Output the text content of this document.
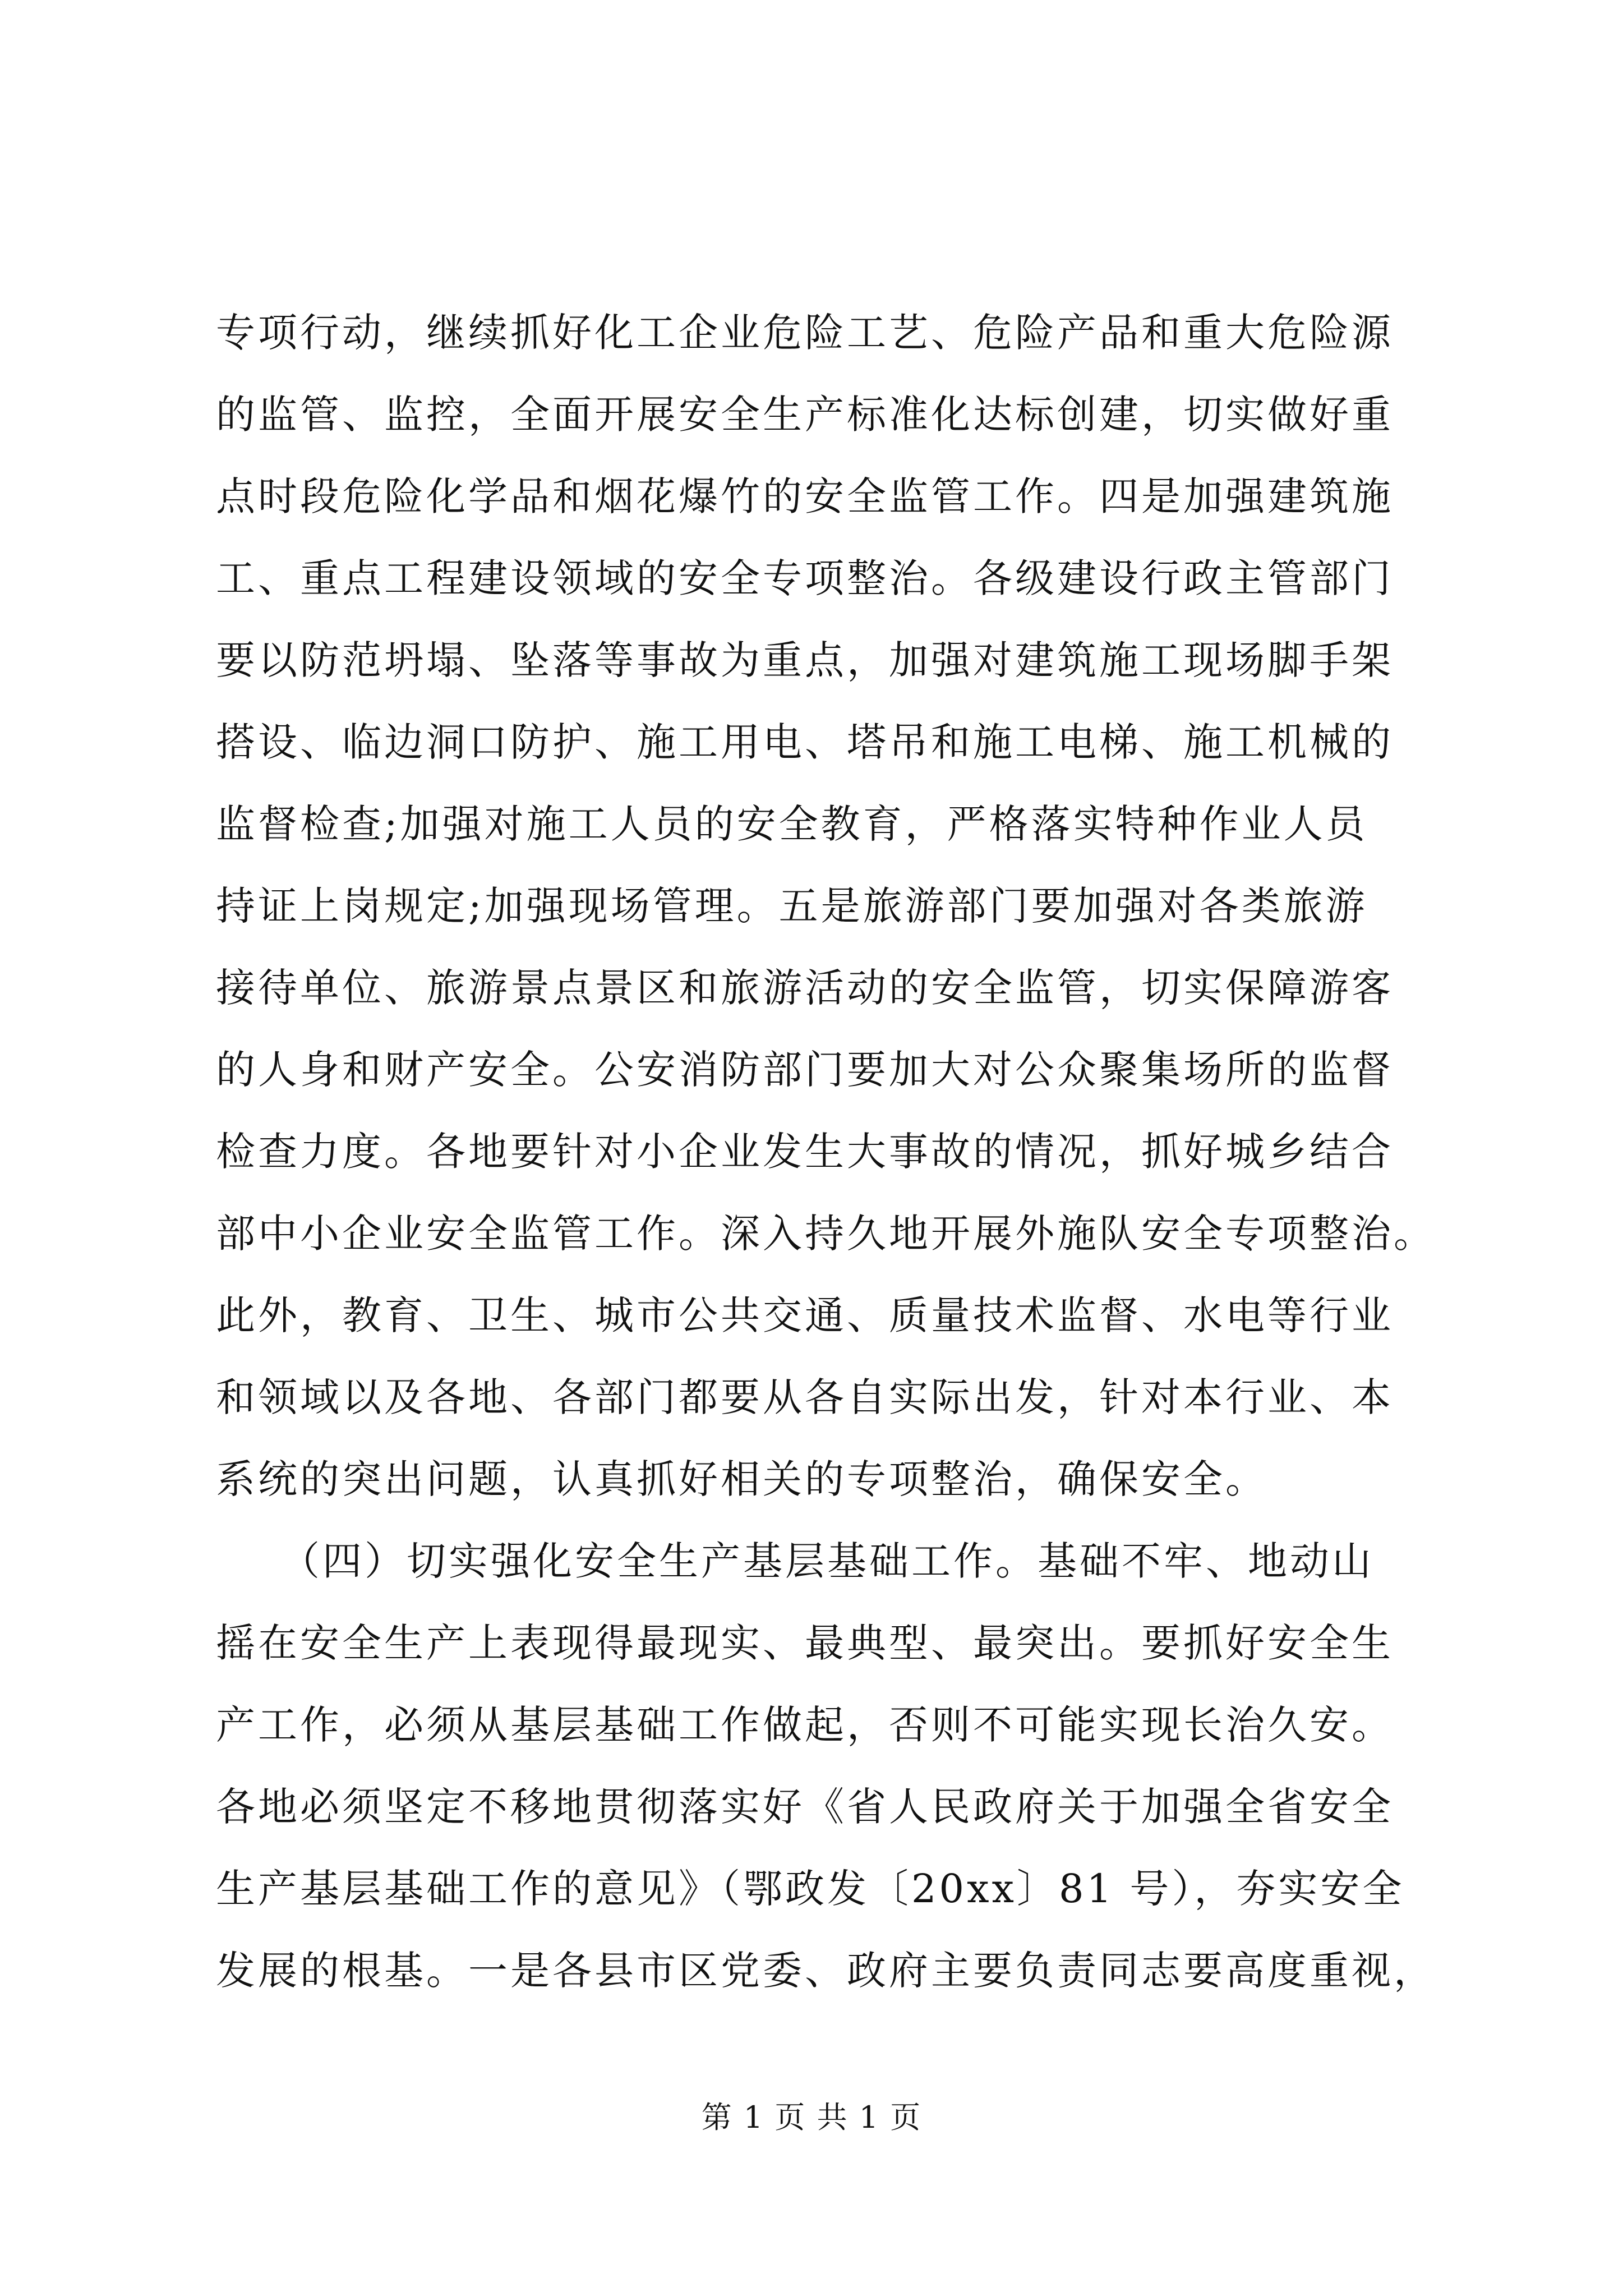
专项行动，继续抓好化工企业危险工艺、危险产品和重大危险源
的监管、监控，全面开展安全生产标准化达标创建，切实做好重
点时段危险化学品和烟花爆竹的安全监管工作。四是加强建筑施
工、重点工程建设领域的安全专项整治。各级建设行政主管部门
要以防范坍塌、坠落等事故为重点，加强对建筑施工现场脚手架
搭设、临边洞口防护、施工用电、塔吊和施工电梯、施工机械的
监督检查;加强对施工人员的安全教育，严格落实特种作业人员
持证上岗规定;加强现场管理。五是旅游部门要加强对各类旅游
接待单位、旅游景点景区和旅游活动的安全监管，切实保障游客
的人身和财产安全。公安消防部门要加大对公众聚集场所的监督
检查力度。各地要针对小企业发生大事故的情况，抓好城乡结合
部中小企业安全监管工作。深入持久地开展外施队安全专项整治。
此外，教育、卫生、城市公共交通、质量技术监督、水电等行业
和领域以及各地、各部门都要从各自实际出发，针对本行业、本
系统的突出问题，认真抓好相关的专项整治，确保安全。
　　（四）切实强化安全生产基层基础工作。基础不牢、地动山
摇在安全生产上表现得最现实、最典型、最突出。要抓好安全生
产工作，必须从基层基础工作做起，否则不可能实现长治久安。
各地必须坚定不移地贯彻落实好《省人民政府关于加强全省安全
生产基层基础工作的意见》（鄂政发〔20xx〕81 号），夯实安全
发展的根基。一是各县市区党委、政府主要负责同志要高度重视，
第 1 页 共 1 页
